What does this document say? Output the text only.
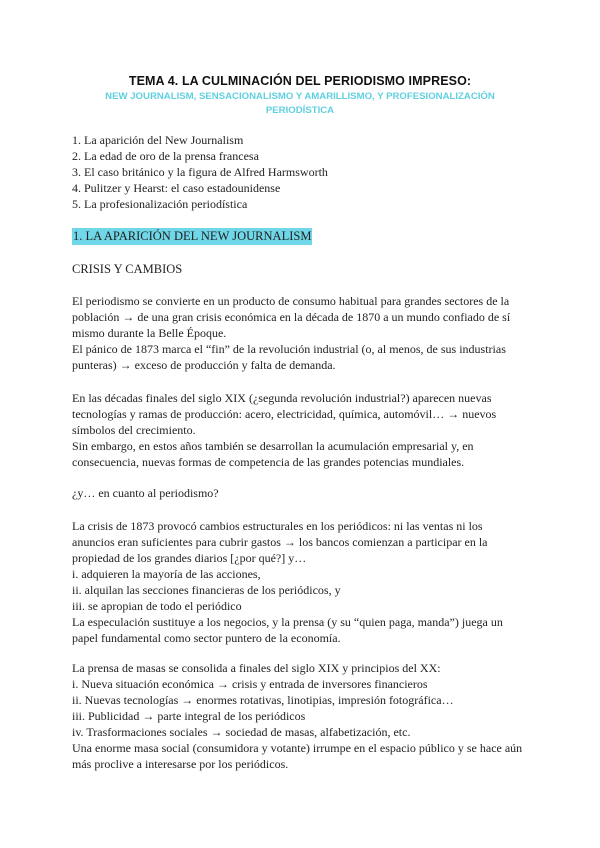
TEMA 4. LA CULMINACIÓN DEL PERIODISMO IMPRESO:
NEW JOURNALISM, SENSACIONALISMO Y AMARILLISMO, Y PROFESIONALIZACIÓN
PERIODÍSTICA
1. La aparición del New Journalism
2. La edad de oro de la prensa francesa
3. El caso británico y la figura de Alfred Harmsworth
4. Pulitzer y Hearst: el caso estadounidense
5. La profesionalización periodística
1. LA APARICIÓN DEL NEW JOURNALISM
CRISIS Y CAMBIOS
El periodismo se convierte en un producto de consumo habitual para grandes sectores de la
población → de una gran crisis económica en la década de 1870 a un mundo confiado de sí
mismo durante la Belle Époque.
El pánico de 1873 marca el “fin” de la revolución industrial (o, al menos, de sus industrias
punteras) → exceso de producción y falta de demanda.
En las décadas finales del siglo XIX (¿segunda revolución industrial?) aparecen nuevas
tecnologías y ramas de producción: acero, electricidad, química, automóvil… → nuevos
símbolos del crecimiento.
Sin embargo, en estos años también se desarrollan la acumulación empresarial y, en
consecuencia, nuevas formas de competencia de las grandes potencias mundiales.
¿y… en cuanto al periodismo?
La crisis de 1873 provocó cambios estructurales en los periódicos: ni las ventas ni los
anuncios eran suficientes para cubrir gastos → los bancos comienzan a participar en la
propiedad de los grandes diarios [¿por qué?] y…
i. adquieren la mayoría de las acciones,
ii. alquilan las secciones financieras de los periódicos, y
iii. se apropian de todo el periódico
La especulación sustituye a los negocios, y la prensa (y su “quien paga, manda”) juega un
papel fundamental como sector puntero de la economía.
La prensa de masas se consolida a finales del siglo XIX y principios del XX:
i. Nueva situación económica → crisis y entrada de inversores financieros
ii. Nuevas tecnologías → enormes rotativas, linotipias, impresión fotográfica…
iii. Publicidad → parte integral de los periódicos
iv. Trasformaciones sociales → sociedad de masas, alfabetización, etc.
Una enorme masa social (consumidora y votante) irrumpe en el espacio público y se hace aún
más proclive a interesarse por los periódicos.
